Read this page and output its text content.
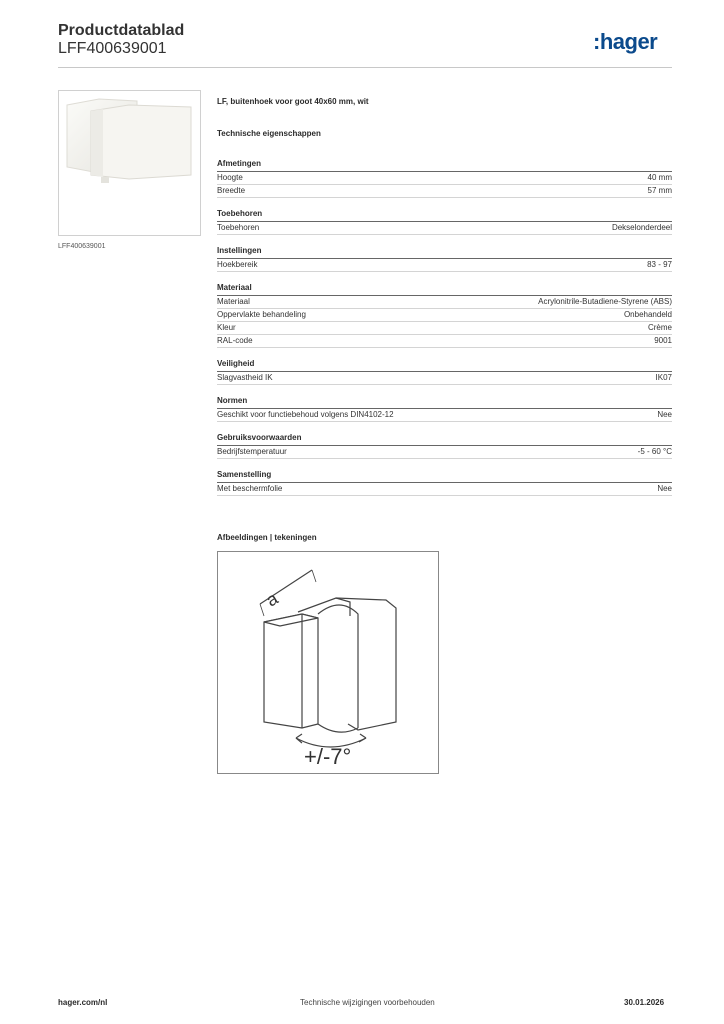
Productdatablad
LFF400639001	:hager
LFF400639001
LF, buitenhoek voor goot 40x60 mm, wit
Technische eigenschappen
Afmetingen
Hoogte	40 mm
Breedte	57 mm
Toebehoren
Toebehoren	Dekselonderdeel
Instellingen
Hoekbereik	83 - 97
Materiaal
Materiaal	Acrylonitrile-Butadiene-Styrene (ABS)
Oppervlakte behandeling	Onbehandeld
Kleur	Crème
RAL-code	9001
Veiligheid
Slagvastheid IK	IK07
Normen
Geschikt voor functiebehoud volgens DIN4102-12	Nee
Gebruiksvoorwaarden
Bedrijfstemperatuur	-5 - 60 °C
Samenstelling
Met beschermfolie	Nee
Afbeeldingen | tekeningen
a
+/-7°
hager.com/nl	Technische wijzigingen voorbehouden	30.01.2026
